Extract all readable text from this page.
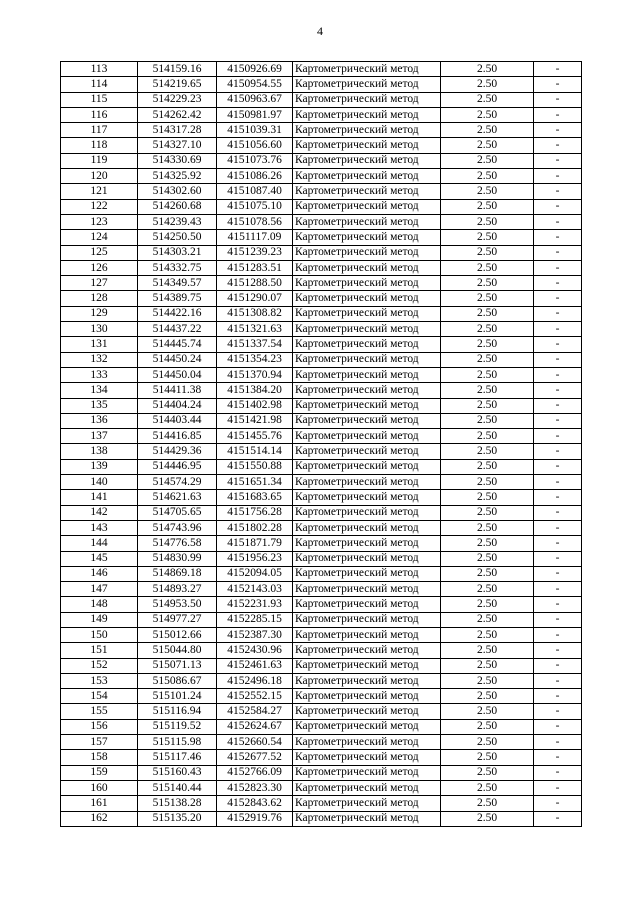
4
113	514159.16	4150926.69	Картометрический метод	2.50	-
114	514219.65	4150954.55	Картометрический метод	2.50	-
115	514229.23	4150963.67	Картометрический метод	2.50	-
116	514262.42	4150981.97	Картометрический метод	2.50	-
117	514317.28	4151039.31	Картометрический метод	2.50	-
118	514327.10	4151056.60	Картометрический метод	2.50	-
119	514330.69	4151073.76	Картометрический метод	2.50	-
120	514325.92	4151086.26	Картометрический метод	2.50	-
121	514302.60	4151087.40	Картометрический метод	2.50	-
122	514260.68	4151075.10	Картометрический метод	2.50	-
123	514239.43	4151078.56	Картометрический метод	2.50	-
124	514250.50	4151117.09	Картометрический метод	2.50	-
125	514303.21	4151239.23	Картометрический метод	2.50	-
126	514332.75	4151283.51	Картометрический метод	2.50	-
127	514349.57	4151288.50	Картометрический метод	2.50	-
128	514389.75	4151290.07	Картометрический метод	2.50	-
129	514422.16	4151308.82	Картометрический метод	2.50	-
130	514437.22	4151321.63	Картометрический метод	2.50	-
131	514445.74	4151337.54	Картометрический метод	2.50	-
132	514450.24	4151354.23	Картометрический метод	2.50	-
133	514450.04	4151370.94	Картометрический метод	2.50	-
134	514411.38	4151384.20	Картометрический метод	2.50	-
135	514404.24	4151402.98	Картометрический метод	2.50	-
136	514403.44	4151421.98	Картометрический метод	2.50	-
137	514416.85	4151455.76	Картометрический метод	2.50	-
138	514429.36	4151514.14	Картометрический метод	2.50	-
139	514446.95	4151550.88	Картометрический метод	2.50	-
140	514574.29	4151651.34	Картометрический метод	2.50	-
141	514621.63	4151683.65	Картометрический метод	2.50	-
142	514705.65	4151756.28	Картометрический метод	2.50	-
143	514743.96	4151802.28	Картометрический метод	2.50	-
144	514776.58	4151871.79	Картометрический метод	2.50	-
145	514830.99	4151956.23	Картометрический метод	2.50	-
146	514869.18	4152094.05	Картометрический метод	2.50	-
147	514893.27	4152143.03	Картометрический метод	2.50	-
148	514953.50	4152231.93	Картометрический метод	2.50	-
149	514977.27	4152285.15	Картометрический метод	2.50	-
150	515012.66	4152387.30	Картометрический метод	2.50	-
151	515044.80	4152430.96	Картометрический метод	2.50	-
152	515071.13	4152461.63	Картометрический метод	2.50	-
153	515086.67	4152496.18	Картометрический метод	2.50	-
154	515101.24	4152552.15	Картометрический метод	2.50	-
155	515116.94	4152584.27	Картометрический метод	2.50	-
156	515119.52	4152624.67	Картометрический метод	2.50	-
157	515115.98	4152660.54	Картометрический метод	2.50	-
158	515117.46	4152677.52	Картометрический метод	2.50	-
159	515160.43	4152766.09	Картометрический метод	2.50	-
160	515140.44	4152823.30	Картометрический метод	2.50	-
161	515138.28	4152843.62	Картометрический метод	2.50	-
162	515135.20	4152919.76	Картометрический метод	2.50	-
